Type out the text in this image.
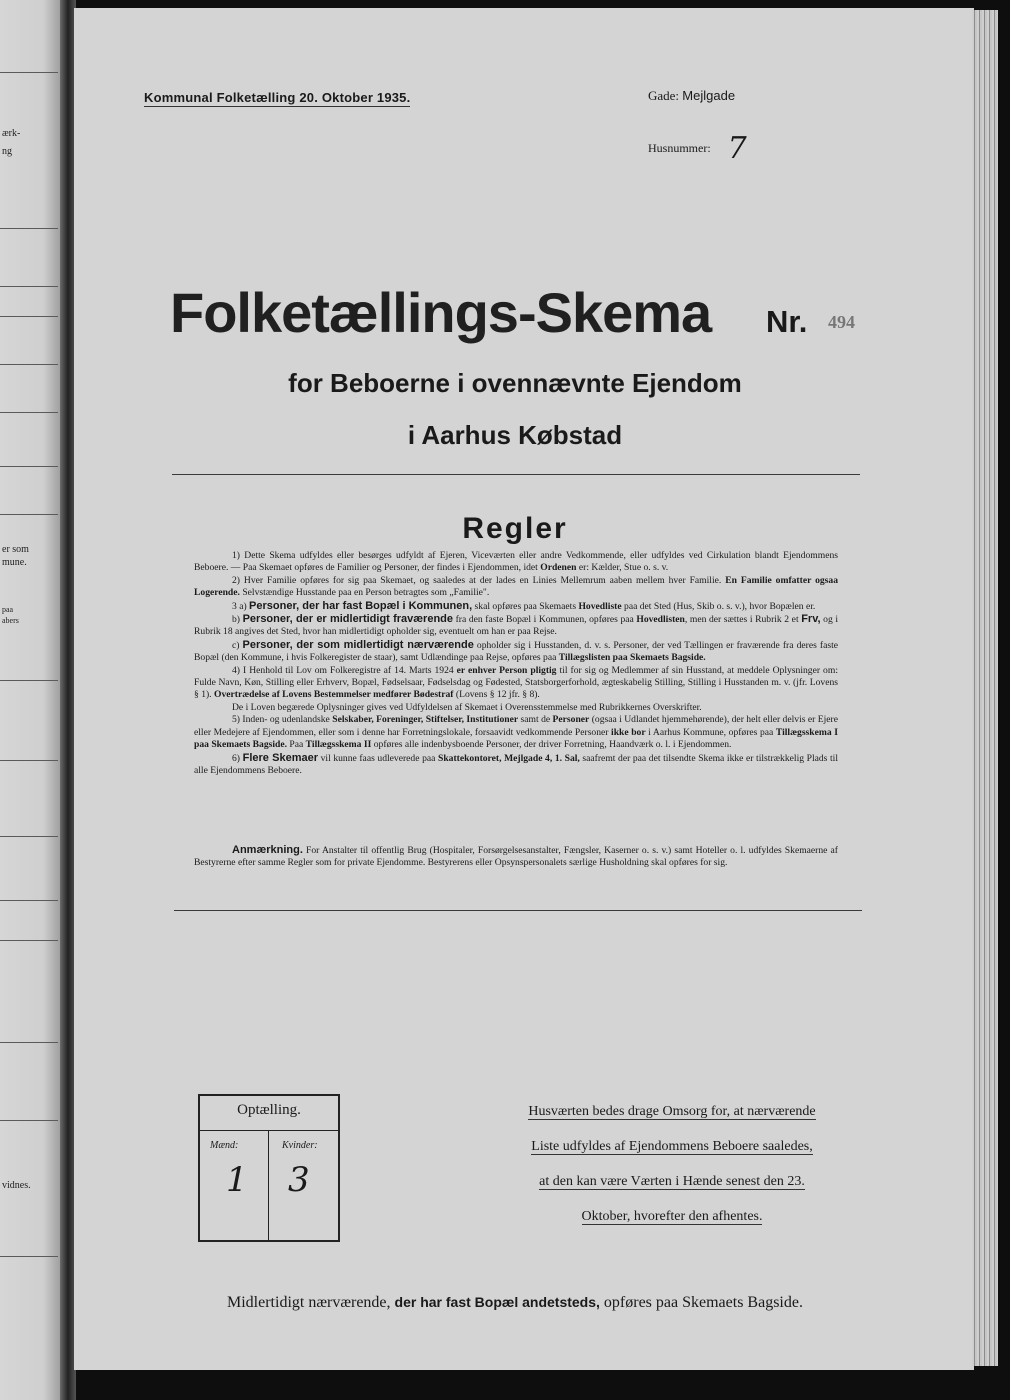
ærk-
ng
er som
mune.
paa
abers
vidnes.
Kommunal Folketælling 20. Oktober 1935.	Gade: Mejlgade
Husnummer: 7
Folketællings-Skema Nr. 494
for Beboerne i ovennævnte Ejendom
i Aarhus Købstad
Regler

1) Dette Skema udfyldes eller besørges udfyldt af Ejeren, Viceværten eller andre Vedkommende, eller udfyldes ved Cirkulation blandt Ejendommens Beboere. — Paa Skemaet opføres de Familier og Personer, der findes i Ejendommen, idet Ordenen er: Kælder, Stue o. s. v.

2) Hver Familie opføres for sig paa Skemaet, og saaledes at der lades en Linies Mellemrum aaben mellem hver Familie. En Familie omfatter ogsaa Logerende. Selvstændige Husstande paa en Person betragtes som „Familie".

3 a) Personer, der har fast Bopæl i Kommunen, skal opføres paa Skemaets Hovedliste paa det Sted (Hus, Skib o. s. v.), hvor Bopælen er.

b) Personer, der er midlertidigt fraværende fra den faste Bopæl i Kommunen, opføres paa Hovedlisten, men der sættes i Rubrik 2 et Frv, og i Rubrik 18 angives det Sted, hvor han midlertidigt opholder sig, eventuelt om han er paa Rejse.

c) Personer, der som midlertidigt nærværende opholder sig i Husstanden, d. v. s. Personer, der ved Tællingen er fraværende fra deres faste Bopæl (den Kommune, i hvis Folkeregister de staar), samt Udlændinge paa Rejse, opføres paa Tillægslisten paa Skemaets Bagside.

4) I Henhold til Lov om Folkeregistre af 14. Marts 1924 er enhver Person pligtig til for sig og Medlemmer af sin Husstand, at meddele Oplysninger om: Fulde Navn, Køn, Stilling eller Erhverv, Bopæl, Fødselsaar, Fødselsdag og Fødested, Statsborgerforhold, ægteskabelig Stilling, Stilling i Husstanden m. v. (jfr. Lovens § 1). Overtrædelse af Lovens Bestemmelser medfører Bødestraf (Lovens § 12 jfr. § 8).

De i Loven begærede Oplysninger gives ved Udfyldelsen af Skemaet i Overensstemmelse med Rubrikkernes Overskrifter.

5) Inden- og udenlandske Selskaber, Foreninger, Stiftelser, Institutioner samt de Personer (ogsaa i Udlandet hjemmehørende), der helt eller delvis er Ejere eller Medejere af Ejendommen, eller som i denne har Forretningslokale, forsaavidt vedkommende Personer ikke bor i Aarhus Kommune, opføres paa Tillægsskema I paa Skemaets Bagside. Paa Tillægsskema II opføres alle indenbysboende Personer, der driver Forretning, Haandværk o. l. i Ejendommen.

6) Flere Skemaer vil kunne faas udleverede paa Skattekontoret, Mejlgade 4, 1. Sal, saafremt der paa det tilsendte Skema ikke er tilstrækkelig Plads til alle Ejendommens Beboere.

Anmærkning. For Anstalter til offentlig Brug (Hospitaler, Forsørgelsesanstalter, Fængsler, Kaserner o. s. v.) samt Hoteller o. l. udfyldes Skemaerne af Bestyrerne efter samme Regler som for private Ejendomme. Bestyrerens eller Opsynspersonalets særlige Husholdning skal opføres for sig.

Optælling.
Mænd:	Kvinder:
1 3
Husværten bedes drage Omsorg for, at nærværende
Liste udfyldes af Ejendommens Beboere saaledes,
at den kan være Værten i Hænde senest den 23.
Oktober, hvorefter den afhentes.
Midlertidigt nærværende, der har fast Bopæl andetsteds, opføres paa Skemaets Bagside.
